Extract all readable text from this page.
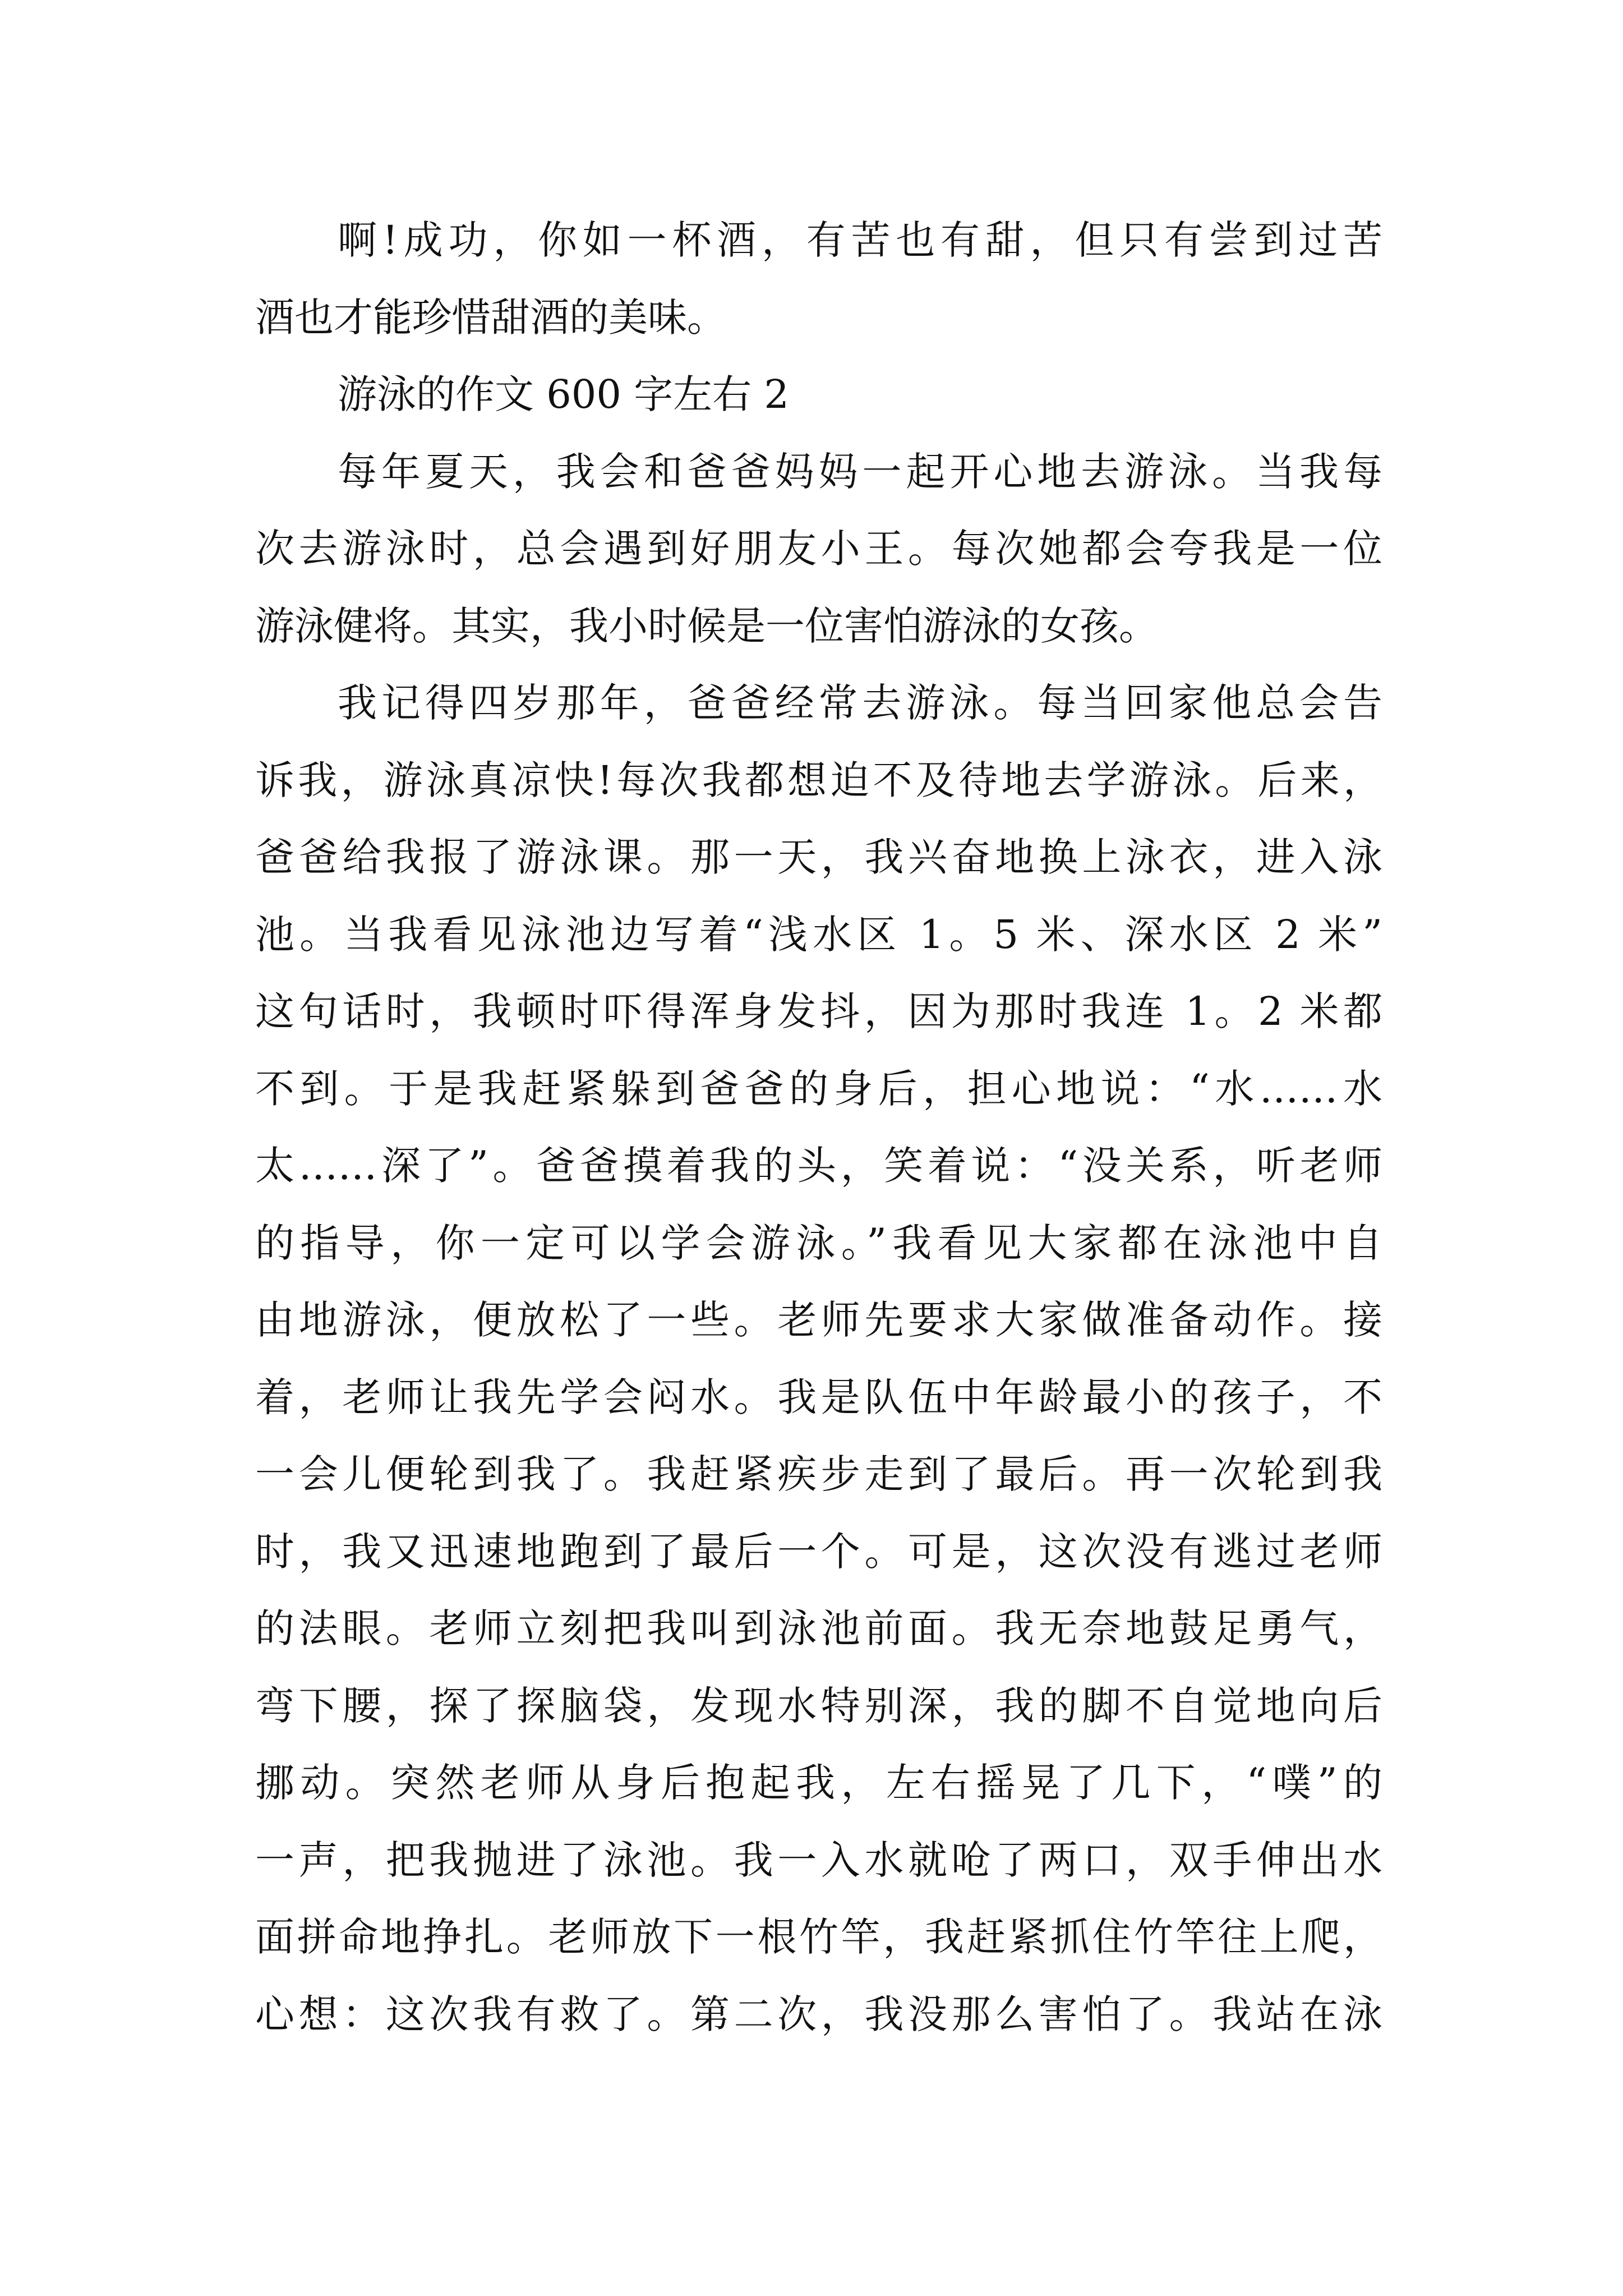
啊!成功，你如一杯酒，有苦也有甜，但只有尝到过苦
酒也才能珍惜甜酒的美味。
游泳的作文 600 字左右 2
每年夏天，我会和爸爸妈妈一起开心地去游泳。当我每
次去游泳时，总会遇到好朋友小王。每次她都会夸我是一位
游泳健将。其实，我小时候是一位害怕游泳的女孩。
我记得四岁那年，爸爸经常去游泳。每当回家他总会告
诉我，游泳真凉快!每次我都想迫不及待地去学游泳。后来，
爸爸给我报了游泳课。那一天，我兴奋地换上泳衣，进入泳
池。当我看见泳池边写着“浅水区 1。5 米、深水区 2 米”
这句话时，我顿时吓得浑身发抖，因为那时我连 1。2 米都
不到。于是我赶紧躲到爸爸的身后，担心地说：“水……水
太……深了”。爸爸摸着我的头，笑着说：“没关系，听老师
的指导，你一定可以学会游泳。”我看见大家都在泳池中自
由地游泳，便放松了一些。老师先要求大家做准备动作。接
着，老师让我先学会闷水。我是队伍中年龄最小的孩子，不
一会儿便轮到我了。我赶紧疾步走到了最后。再一次轮到我
时，我又迅速地跑到了最后一个。可是，这次没有逃过老师
的法眼。老师立刻把我叫到泳池前面。我无奈地鼓足勇气，
弯下腰，探了探脑袋，发现水特别深，我的脚不自觉地向后
挪动。突然老师从身后抱起我，左右摇晃了几下，“噗”的
一声，把我抛进了泳池。我一入水就呛了两口，双手伸出水
面拼命地挣扎。老师放下一根竹竿，我赶紧抓住竹竿往上爬，
心想：这次我有救了。第二次，我没那么害怕了。我站在泳
